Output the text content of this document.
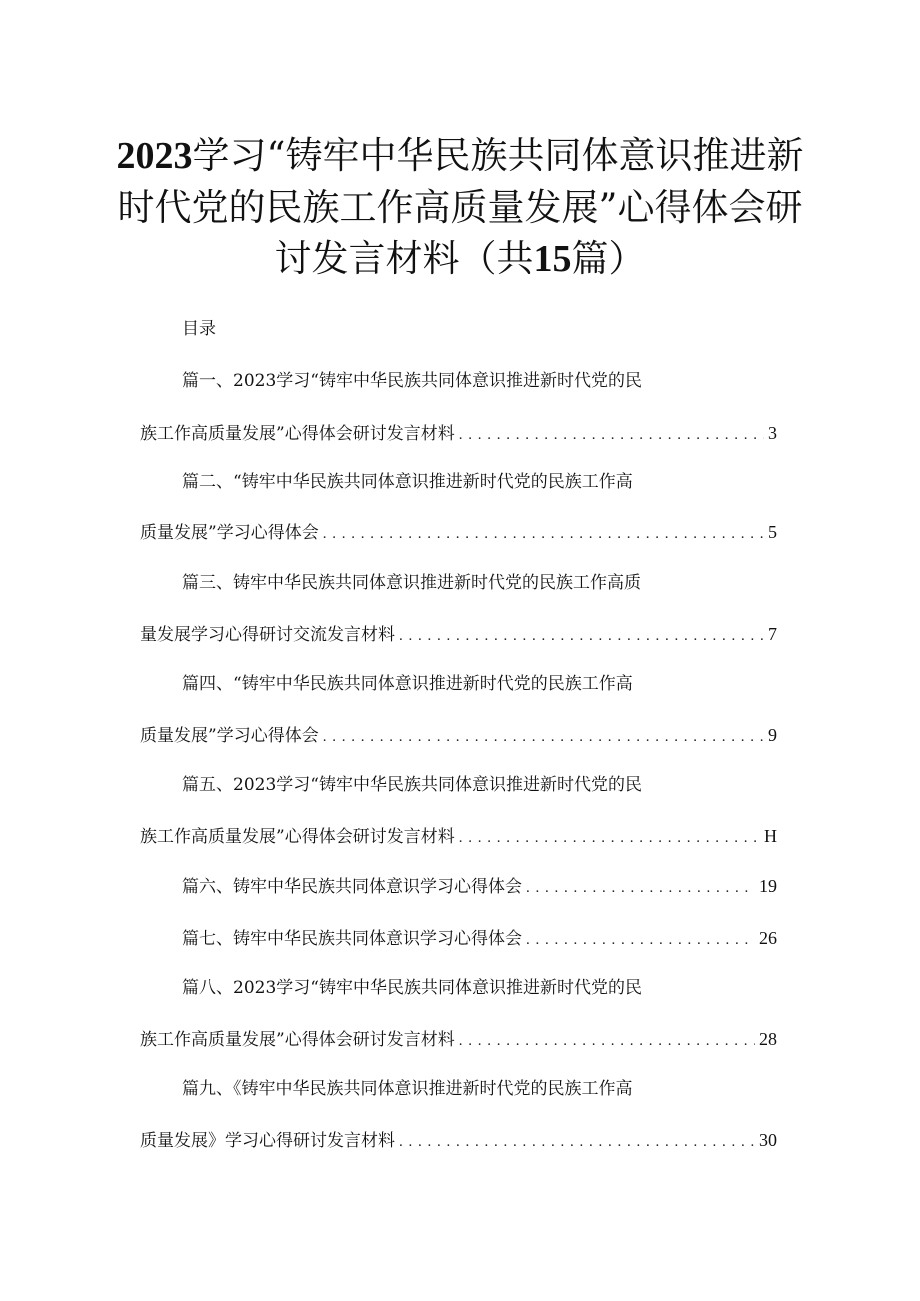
2023学习“铸牢中华民族共同体意识推进新
时代党的民族工作高质量发展”心得体会研
讨发言材料（共15篇）
目录
篇一、2023学习“铸牢中华民族共同体意识推进新时代党的民
族工作高质量发展”心得体会研讨发言材料 . . .	3
篇二、“铸牢中华民族共同体意识推进新时代党的民族工作高
质量发展”学习心得体会 . . .	5
篇三、铸牢中华民族共同体意识推进新时代党的民族工作高质
量发展学习心得研讨交流发言材料 . . .	7
篇四、“铸牢中华民族共同体意识推进新时代党的民族工作高
质量发展”学习心得体会 . . .	9
篇五、2023学习“铸牢中华民族共同体意识推进新时代党的民
族工作高质量发展”心得体会研讨发言材料 . . .	H
篇六、铸牢中华民族共同体意识学习心得体会 . . .	19
篇七、铸牢中华民族共同体意识学习心得体会 . . .	26
篇八、2023学习“铸牢中华民族共同体意识推进新时代党的民
族工作高质量发展”心得体会研讨发言材料 . . .	28
篇九、《铸牢中华民族共同体意识推进新时代党的民族工作高
质量发展》学习心得研讨发言材料 . . .	30
